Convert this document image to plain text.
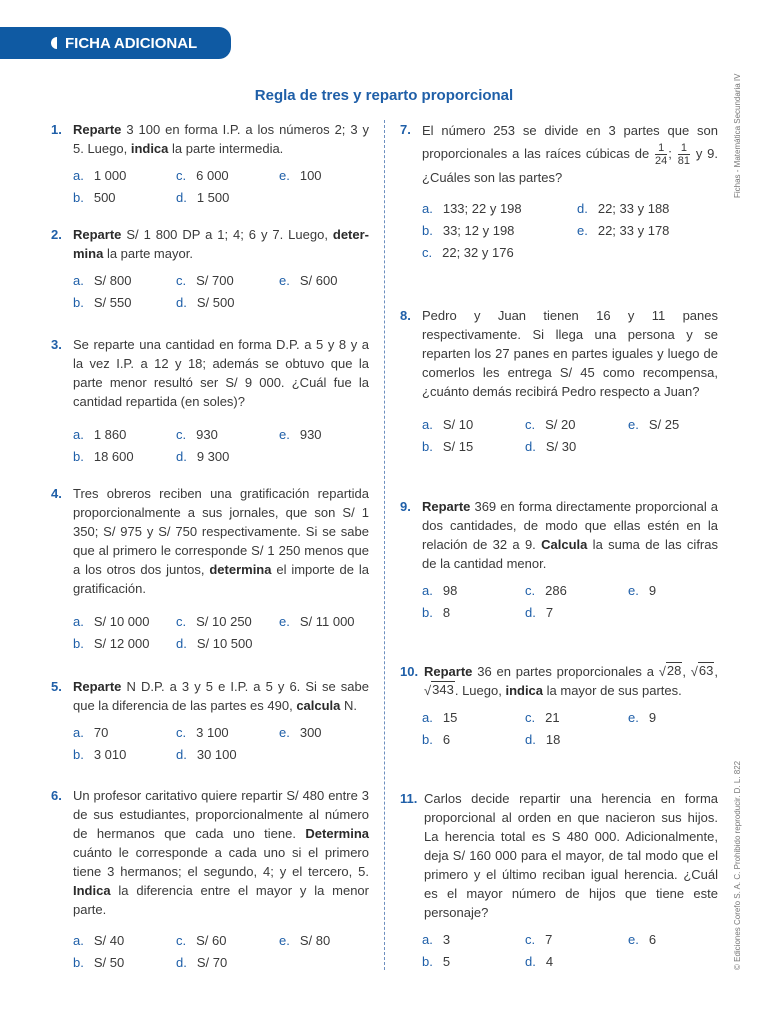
FICHA ADICIONAL
Regla de tres y reparto proporcional	Fichas - Matemática Secundaria IV
© Ediciones Corefo S. A. C. Prohibido reproducir. D. L. 822
1. Reparte 3 100 en forma I.P. a los números 2; 3 y 5. Luego, indica la parte intermedia.
a. 1 000	c. 6 000	e. 100
b. 500	d. 1 500
2. Reparte S/ 1 800 DP a 1; 4; 6 y 7. Luego, deter-mina la parte mayor.
a. S/ 800	c. S/ 700	e. S/ 600
b. S/ 550	d. S/ 500
3. Se reparte una cantidad en forma D.P. a 5 y 8 y a la vez I.P. a 12 y 18; además se obtuvo que la parte menor resultó ser S/ 9 000. ¿Cuál fue la cantidad repartida (en soles)?
a. 1 860	c. 930	e. 930
b. 18 600	d. 9 300
4. Tres obreros reciben una gratificación repartida proporcionalmente a sus jornales, que son S/ 1 350; S/ 975 y S/ 750 respectivamente. Si se sabe que al primero le corresponde S/ 1 250 menos que a los otros dos juntos, determina el importe de la gratificación.
a. S/ 10 000	c. S/ 10 250	e. S/ 11 000
b. S/ 12 000	d. S/ 10 500
5. Reparte N D.P. a 3 y 5 e I.P. a 5 y 6. Si se sabe que la diferencia de las partes es 490, calcula N.
a. 70	c. 3 100	e. 300
b. 3 010	d. 30 100
6. Un profesor caritativo quiere repartir S/ 480 entre 3 de sus estudiantes, proporcionalmente al número de hermanos que cada uno tiene. Determina cuánto le corresponde a cada uno si el primero tiene 3 hermanos; el segundo, 4; y el tercero, 5. Indica la diferencia entre el mayor y la menor parte.
a. S/ 40	c. S/ 60	e. S/ 80
b. S/ 50	d. S/ 70
7. El número 253 se divide en 3 partes que son proporcionales a las raíces cúbicas de $\frac{1}{24}$ ; $\frac{1}{81}$ y 9. ¿Cuáles son las partes?
a. 133; 22 y 198	d. 22; 33 y 188
b. 33; 12 y 198	e. 22; 33 y 178
c. 22; 32 y 176
8. Pedro y Juan tienen 16 y 11 panes respectivamente. Si llega una persona y se reparten los 27 panes en partes iguales y luego de comerlos les entrega S/ 45 como recompensa, ¿cuánto demás recibirá Pedro respecto a Juan?
a. S/ 10	c. S/ 20	e. S/ 25
b. S/ 15	d. S/ 30
9. Reparte 369 en forma directamente proporcional a dos cantidades, de modo que ellas estén en la relación de 32 a 9. Calcula la suma de las cifras de la cantidad menor.
a. 98	c. 286	e. 9
b. 8	d. 7
10. Reparte 36 en partes proporcionales a √ 28 , √ 63 ,
√ 343 . Luego, indica la mayor de sus partes.
a. 15	c. 21	e. 9
b. 6	d. 18
11. Carlos decide repartir una herencia en forma proporcional al orden en que nacieron sus hijos. La herencia total es S 480 000. Adicionalmente, deja S/ 160 000 para el mayor, de tal modo que el primero y el último reciban igual herencia. ¿Cuál es el mayor número de hijos que tiene este personaje?
a. 3	c. 7	e. 6
b. 5	d. 4
